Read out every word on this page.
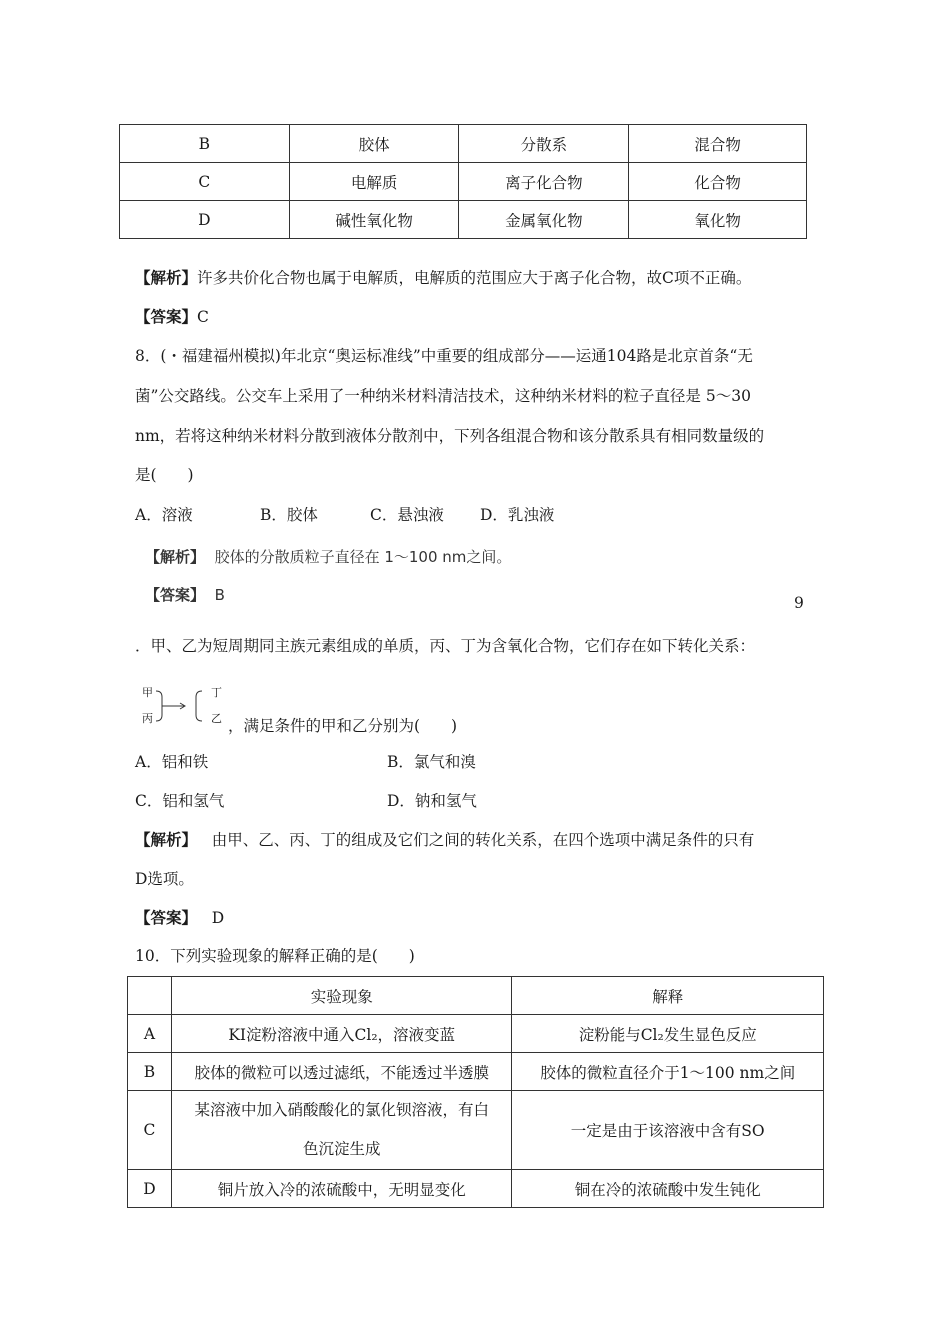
B	胶体	分散系	混合物
C	电解质	离子化合物	化合物
D	碱性氧化物	金属氧化物	氧化物
【解析】许多共价化合物也属于电解质，电解质的范围应大于离子化合物，故C项不正确。
【答案】C
8．(・福建福州模拟)年北京“奥运标准线”中重要的组成部分——运通104路是北京首条“无
菌”公交路线。公交车上采用了一种纳米材料清洁技术，这种纳米材料的粒子直径是 5～30
nm，若将这种纳米材料分散到液体分散剂中，下列各组混合物和该分散系具有相同数量级的
是(　　)
A．溶液	B．胶体	C．悬浊液 D．乳浊液
【解析】 胶体的分散质粒子直径在 1～100 nm之间。
【答案】 B	9
．甲、乙为短周期同主族元素组成的单质，丙、丁为含氧化合物，它们存在如下转化关系：
甲
丙
丁
乙 ，满足条件的甲和乙分别为(　　)
A．铝和铁	B．氯气和溴
C．铝和氢气	D．钠和氢气
【解析】 由甲、乙、丙、丁的组成及它们之间的转化关系，在四个选项中满足条件的只有
D选项。
【答案】 D
10．下列实验现象的解释正确的是(　　)
	实验现象	解释
A	KI淀粉溶液中通入Cl₂，溶液变蓝	淀粉能与Cl₂发生显色反应
B	胶体的微粒可以透过滤纸，不能透过半透膜	胶体的微粒直径介于1～100 nm之间
C	某溶液中加入硝酸酸化的氯化钡溶液，有白
色沉淀生成	一定是由于该溶液中含有SO
D	铜片放入冷的浓硫酸中，无明显变化	铜在冷的浓硫酸中发生钝化
